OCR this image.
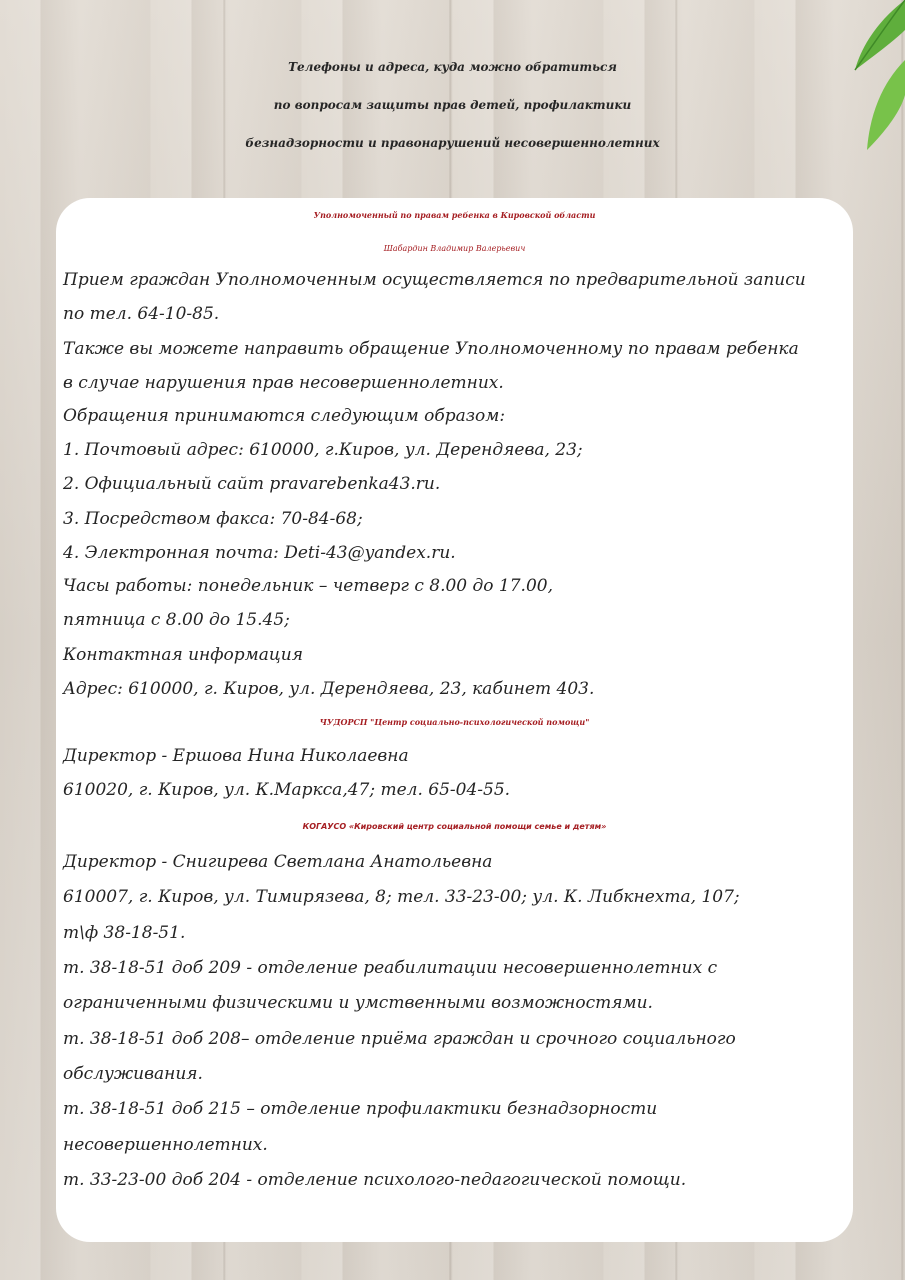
Телефоны и адреса, куда можно обратиться
по вопросам защиты прав детей, профилактики
безнадзорности и правонарушений несовершеннолетних
Уполномоченный по правам ребенка в Кировской области
Шабардин Владимир Валерьевич
Прием граждан Уполномоченным осуществляется по предварительной записи
по тел. 64-10-85.
Также вы можете направить обращение Уполномоченному по правам ребенка
в случае нарушения прав несовершеннолетних.
Обращения принимаются следующим образом:
1. Почтовый адрес: 610000, г.Киров, ул. Дерендяева, 23;
2. Официальный сайт pravarebenka43.ru.
3. Посредством факса: 70-84-68;
4. Электронная почта: Deti-43@yandex.ru.
Часы работы: понедельник – четверг с 8.00 до 17.00,
пятница с 8.00 до 15.45;
Контактная информация
Адрес: 610000, г. Киров, ул. Дерендяева, 23, кабинет 403.
ЧУДОРСП "Центр социально-психологической помощи"
Директор - Ершова Нина Николаевна
610020, г. Киров, ул. К.Маркса,47; тел. 65-04-55.
КОГАУСО «Кировский центр социальной помощи семье и детям»
Директор - Снигирева Светлана Анатольевна
610007, г. Киров, ул. Тимирязева, 8; тел. 33-23-00; ул. К. Либкнехта, 107;
т\ф 38-18-51.
т. 38-18-51 доб 209 - отделение реабилитации несовершеннолетних с
ограниченными физическими и умственными возможностями.
т. 38-18-51 доб 208– отделение приёма граждан и срочного социального
обслуживания.
т. 38-18-51 доб 215 – отделение профилактики безнадзорности
несовершеннолетних.
т. 33-23-00 доб 204 - отделение психолого-педагогической помощи.
